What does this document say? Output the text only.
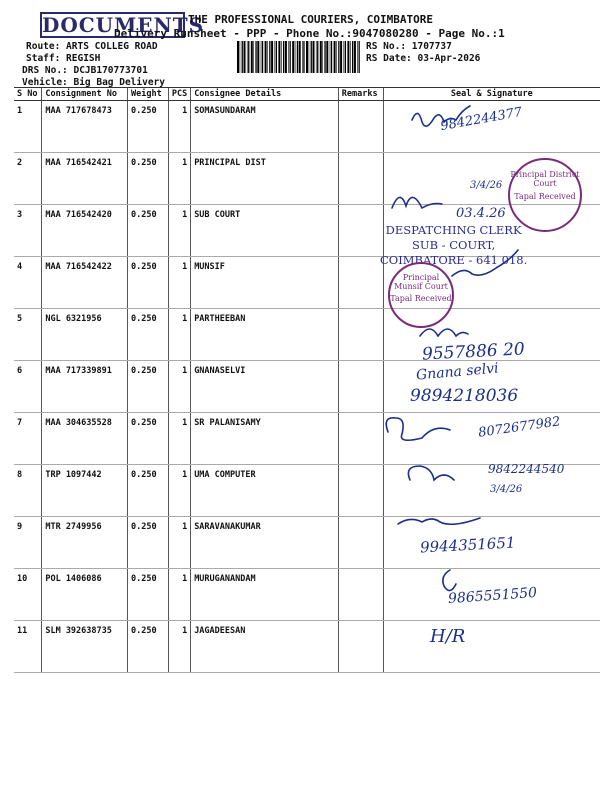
DOCUMENTS
THE PROFESSIONAL COURIERS, COIMBATORE
Delivery Runsheet - PPP - Phone No.:9047080280 - Page No.:1
Route: ARTS COLLEG ROAD
Staff: REGISH
RS No.: 1707737
RS Date: 03-Apr-2026
DRS No.: DCJB170773701
Vehicle: Big Bag Delivery
S No	Consignment No	Weight	PCS	Consignee Details	Remarks	Seal & Signature
1	MAA 717678473	0.250	1	SOMASUNDARAM		
2	MAA 716542421	0.250	1	PRINCIPAL DIST		
3	MAA 716542420	0.250	1	SUB COURT		
4	MAA 716542422	0.250	1	MUNSIF		
5	NGL 6321956	0.250	1	PARTHEEBAN		
6	MAA 717339891	0.250	1	GNANASELVI		
7	MAA 304635528	0.250	1	SR PALANISAMY		
8	TRP 1097442	0.250	1	UMA COMPUTER		
9	MTR 2749956	0.250	1	SARAVANAKUMAR		
10	POL 1406086	0.250	1	MURUGANANDAM		
11	SLM 392638735	0.250	1	JAGADEESAN		
9842244377
3/4/26
03.4.26
9557886 20
Gnana selvi
9894218036
8072677982
9842244540
3/4/26
9944351651
9865551550
H/R
DESPATCHING CLERK
SUB - COURT,
COIMBATORE - 641 018.
Principal District Court
Tapal Received
Principal Munsif Court
Tapal Received
